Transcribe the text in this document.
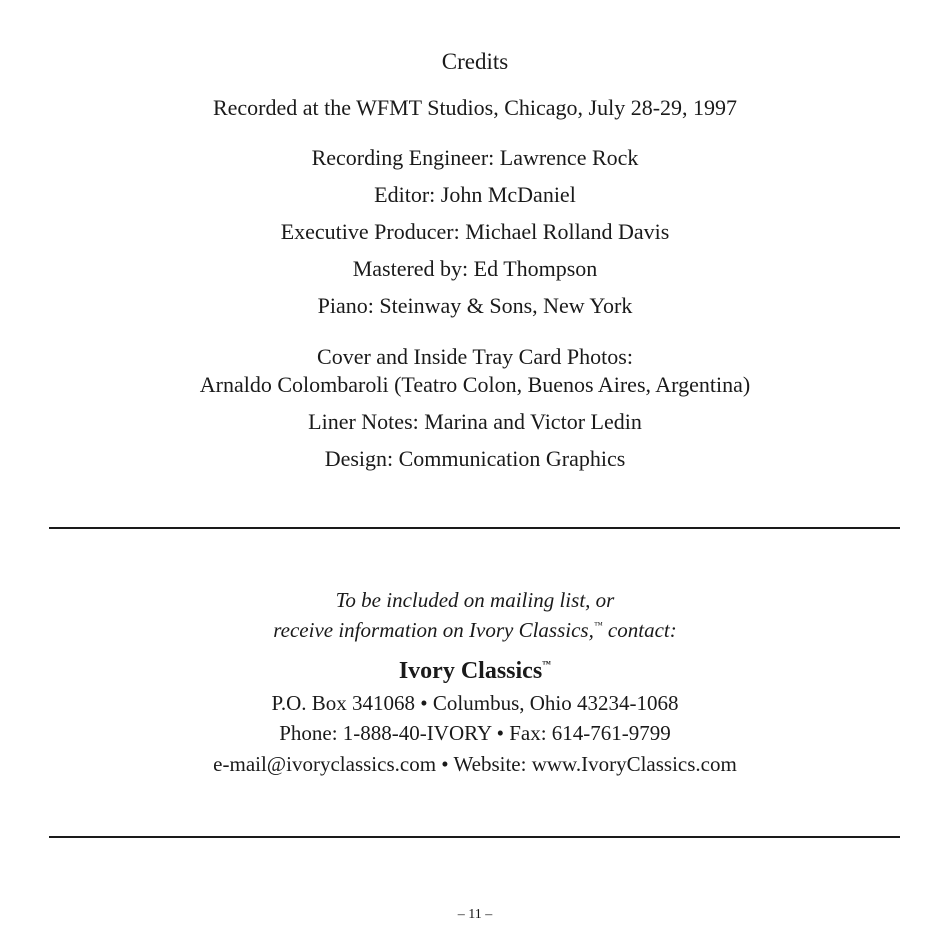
Credits
Recorded at the WFMT Studios, Chicago, July 28-29, 1997
Recording Engineer: Lawrence Rock
Editor: John McDaniel
Executive Producer: Michael Rolland Davis
Mastered by: Ed Thompson
Piano: Steinway & Sons, New York
Cover and Inside Tray Card Photos:
Arnaldo Colombaroli (Teatro Colon, Buenos Aires, Argentina)
Liner Notes: Marina and Victor Ledin
Design: Communication Graphics
To be included on mailing list, or
receive information on Ivory Classics,™ contact:
Ivory Classics™
P.O. Box 341068 • Columbus, Ohio 43234-1068
Phone: 1-888-40-IVORY • Fax: 614-761-9799
e-mail@ivoryclassics.com • Website: www.IvoryClassics.com
– 11 –
